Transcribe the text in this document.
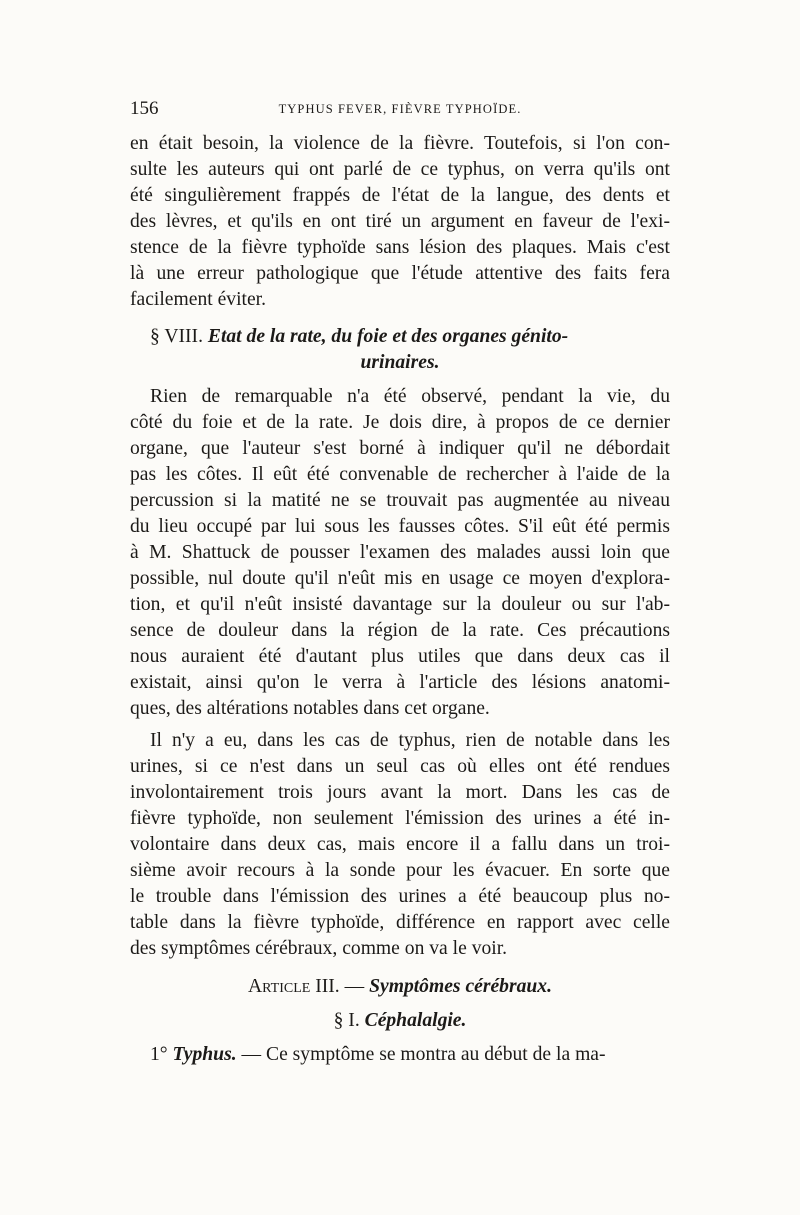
156	TYPHUS FEVER, FIÈVRE TYPHOÏDE.
en était besoin, la violence de la fièvre. Toutefois, si l'on con-
sulte les auteurs qui ont parlé de ce typhus, on verra qu'ils ont
été singulièrement frappés de l'état de la langue, des dents et
des lèvres, et qu'ils en ont tiré un argument en faveur de l'exi-
stence de la fièvre typhoïde sans lésion des plaques. Mais c'est
là une erreur pathologique que l'étude attentive des faits fera
facilement éviter.
§ VIII. Etat de la rate, du foie et des organes génito-
urinaires.
Rien de remarquable n'a été observé, pendant la vie, du
côté du foie et de la rate. Je dois dire, à propos de ce dernier
organe, que l'auteur s'est borné à indiquer qu'il ne débordait
pas les côtes. Il eût été convenable de rechercher à l'aide de la
percussion si la matité ne se trouvait pas augmentée au niveau
du lieu occupé par lui sous les fausses côtes. S'il eût été permis
à M. Shattuck de pousser l'examen des malades aussi loin que
possible, nul doute qu'il n'eût mis en usage ce moyen d'explora-
tion, et qu'il n'eût insisté davantage sur la douleur ou sur l'ab-
sence de douleur dans la région de la rate. Ces précautions
nous auraient été d'autant plus utiles que dans deux cas il
existait, ainsi qu'on le verra à l'article des lésions anatomi-
ques, des altérations notables dans cet organe.
Il n'y a eu, dans les cas de typhus, rien de notable dans les
urines, si ce n'est dans un seul cas où elles ont été rendues
involontairement trois jours avant la mort. Dans les cas de
fièvre typhoïde, non seulement l'émission des urines a été in-
volontaire dans deux cas, mais encore il a fallu dans un troi-
sième avoir recours à la sonde pour les évacuer. En sorte que
le trouble dans l'émission des urines a été beaucoup plus no-
table dans la fièvre typhoïde, différence en rapport avec celle
des symptômes cérébraux, comme on va le voir.
Article III. — Symptômes cérébraux.
§ I. Céphalalgie.
1° Typhus. — Ce symptôme se montra au début de la ma-
